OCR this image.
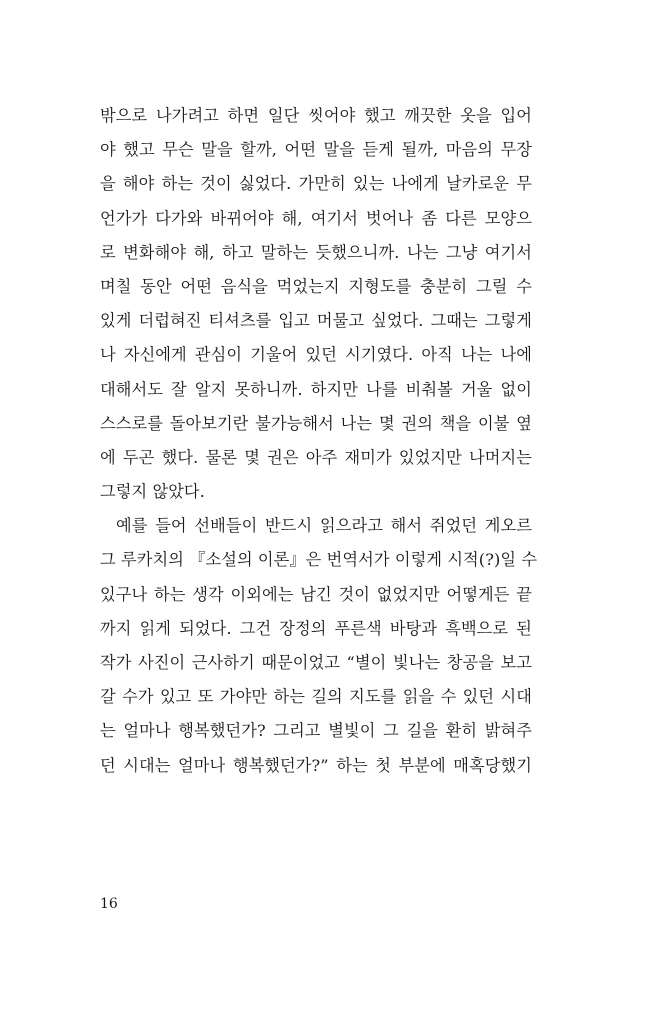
밖으로 나가려고 하면 일단 씻어야 했고 깨끗한 옷을 입어
야 했고 무슨 말을 할까, 어떤 말을 듣게 될까, 마음의 무장
을 해야 하는 것이 싫었다. 가만히 있는 나에게 날카로운 무
언가가 다가와 바뀌어야 해, 여기서 벗어나 좀 다른 모양으
로 변화해야 해, 하고 말하는 듯했으니까. 나는 그냥 여기서
며칠 동안 어떤 음식을 먹었는지 지형도를 충분히 그릴 수
있게 더럽혀진 티셔츠를 입고 머물고 싶었다. 그때는 그렇게
나 자신에게 관심이 기울어 있던 시기였다. 아직 나는 나에
대해서도 잘 알지 못하니까. 하지만 나를 비춰볼 거울 없이
스스로를 돌아보기란 불가능해서 나는 몇 권의 책을 이불 옆
에 두곤 했다. 물론 몇 권은 아주 재미가 있었지만 나머지는
그렇지 않았다.
예를 들어 선배들이 반드시 읽으라고 해서 쥐었던 게오르
그 루카치의 『소설의 이론』은 번역서가 이렇게 시적(?)일 수
있구나 하는 생각 이외에는 남긴 것이 없었지만 어떻게든 끝
까지 읽게 되었다. 그건 장정의 푸른색 바탕과 흑백으로 된
작가 사진이 근사하기 때문이었고 “별이 빛나는 창공을 보고
갈 수가 있고 또 가야만 하는 길의 지도를 읽을 수 있던 시대
는 얼마나 행복했던가? 그리고 별빛이 그 길을 환히 밝혀주
던 시대는 얼마나 행복했던가?” 하는 첫 부분에 매혹당했기
16
